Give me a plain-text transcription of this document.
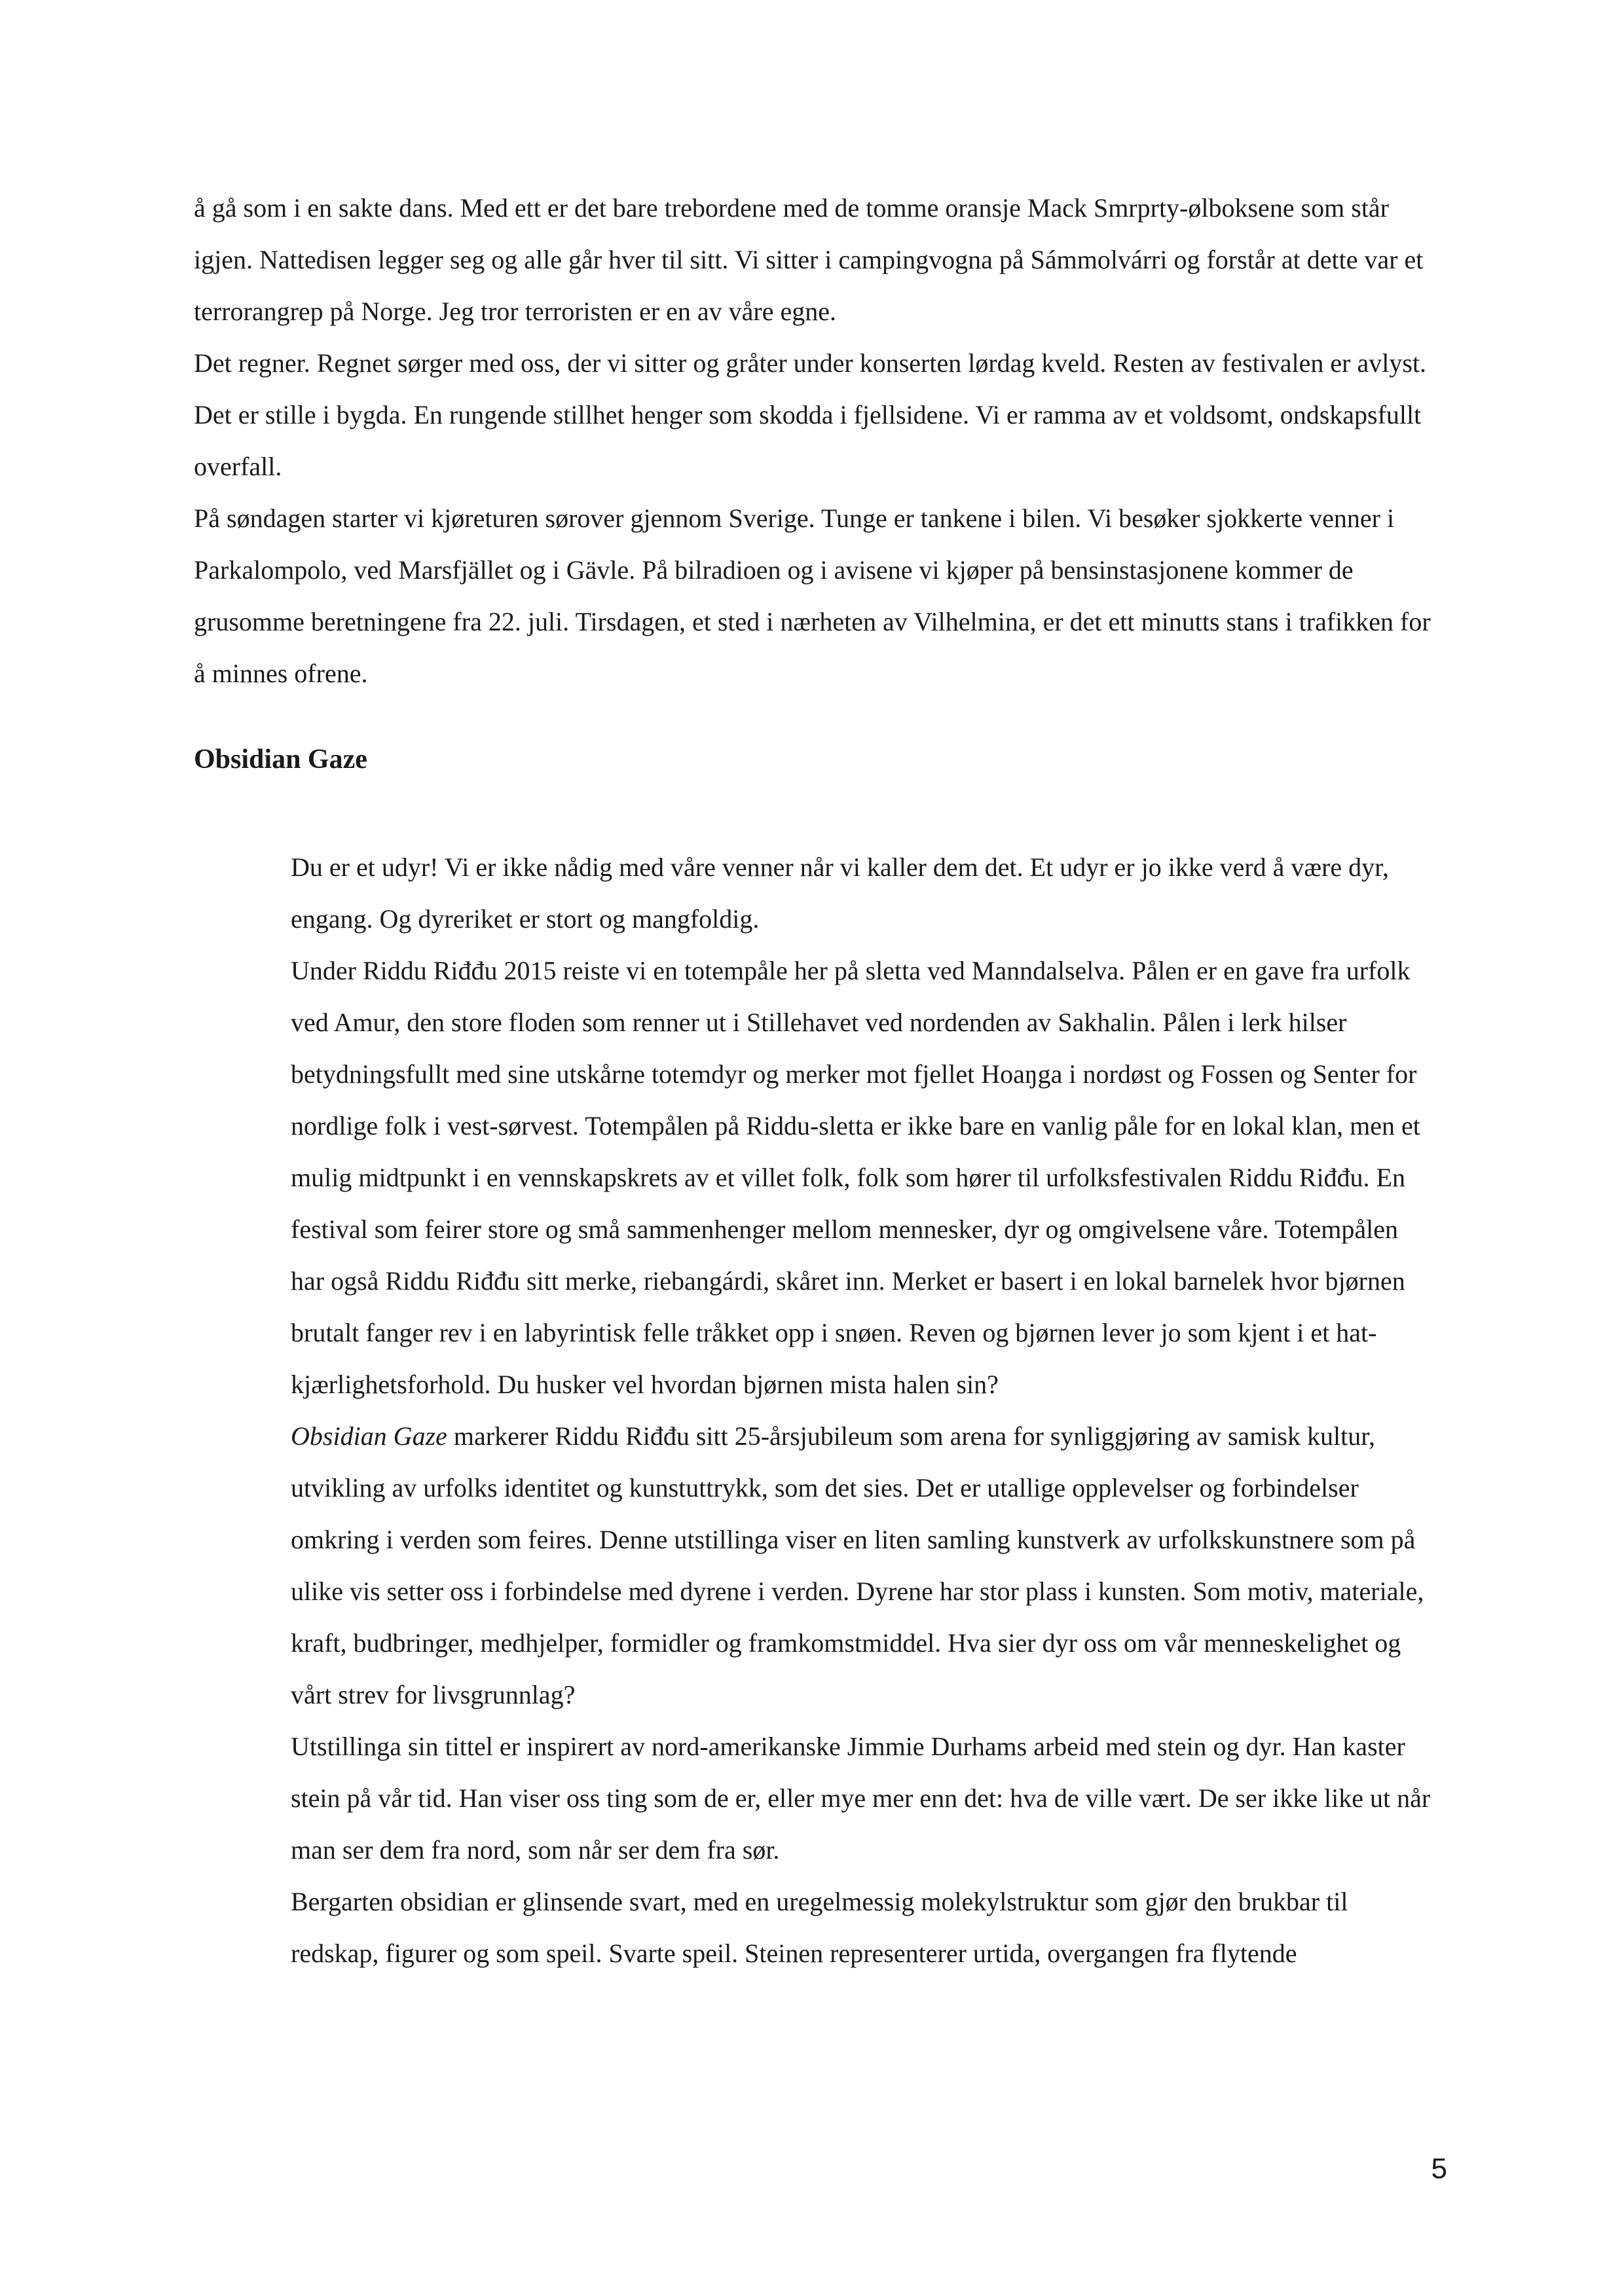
å gå som i en sakte dans. Med ett er det bare trebordene med de tomme oransje Mack Smrprty-ølboksene som står igjen. Nattedisen legger seg og alle går hver til sitt. Vi sitter i campingvogna på Sámmolvárri og forstår at dette var et terrorangrep på Norge. Jeg tror terroristen er en av våre egne.

Det regner. Regnet sørger med oss, der vi sitter og gråter under konserten lørdag kveld. Resten av festivalen er avlyst. Det er stille i bygda. En rungende stillhet henger som skodda i fjellsidene. Vi er ramma av et voldsomt, ondskapsfullt overfall.

På søndagen starter vi kjøreturen sørover gjennom Sverige. Tunge er tankene i bilen. Vi besøker sjokkerte venner i Parkalompolo, ved Marsfjället og i Gävle. På bilradioen og i avisene vi kjøper på bensinstasjonene kommer de grusomme beretningene fra 22. juli. Tirsdagen, et sted i nærheten av Vilhelmina, er det ett minutts stans i trafikken for å minnes ofrene.

Obsidian Gaze

Du er et udyr! Vi er ikke nådig med våre venner når vi kaller dem det. Et udyr er jo ikke verd å være dyr, engang. Og dyreriket er stort og mangfoldig.

Under Riddu Riđđu 2015 reiste vi en totempåle her på sletta ved Manndalselva. Pålen er en gave fra urfolk ved Amur, den store floden som renner ut i Stillehavet ved nordenden av Sakhalin. Pålen i lerk hilser betydningsfullt med sine utskårne totemdyr og merker mot fjellet Hoaŋga i nordøst og Fossen og Senter for nordlige folk i vest-sørvest. Totempålen på Riddu-sletta er ikke bare en vanlig påle for en lokal klan, men et mulig midtpunkt i en vennskapskrets av et villet folk, folk som hører til urfolksfestivalen Riddu Riđđu. En festival som feirer store og små sammenhenger mellom mennesker, dyr og omgivelsene våre. Totempålen har også Riddu Riđđu sitt merke, riebangárdi, skåret inn. Merket er basert i en lokal barnelek hvor bjørnen brutalt fanger rev i en labyrintisk felle tråkket opp i snøen. Reven og bjørnen lever jo som kjent i et hat-kjærlighetsforhold. Du husker vel hvordan bjørnen mista halen sin?

Obsidian Gaze markerer Riddu Riđđu sitt 25-årsjubileum som arena for synliggjøring av samisk kultur, utvikling av urfolks identitet og kunstuttrykk, som det sies. Det er utallige opplevelser og forbindelser omkring i verden som feires. Denne utstillinga viser en liten samling kunstverk av urfolkskunstnere som på ulike vis setter oss i forbindelse med dyrene i verden. Dyrene har stor plass i kunsten. Som motiv, materiale, kraft, budbringer, medhjelper, formidler og framkomstmiddel. Hva sier dyr oss om vår menneskelighet og vårt strev for livsgrunnlag?

Utstillinga sin tittel er inspirert av nord-amerikanske Jimmie Durhams arbeid med stein og dyr. Han kaster stein på vår tid. Han viser oss ting som de er, eller mye mer enn det: hva de ville vært. De ser ikke like ut når man ser dem fra nord, som når ser dem fra sør.

Bergarten obsidian er glinsende svart, med en uregelmessig molekylstruktur som gjør den brukbar til redskap, figurer og som speil. Svarte speil. Steinen representerer urtida, overgangen fra flytende

5
